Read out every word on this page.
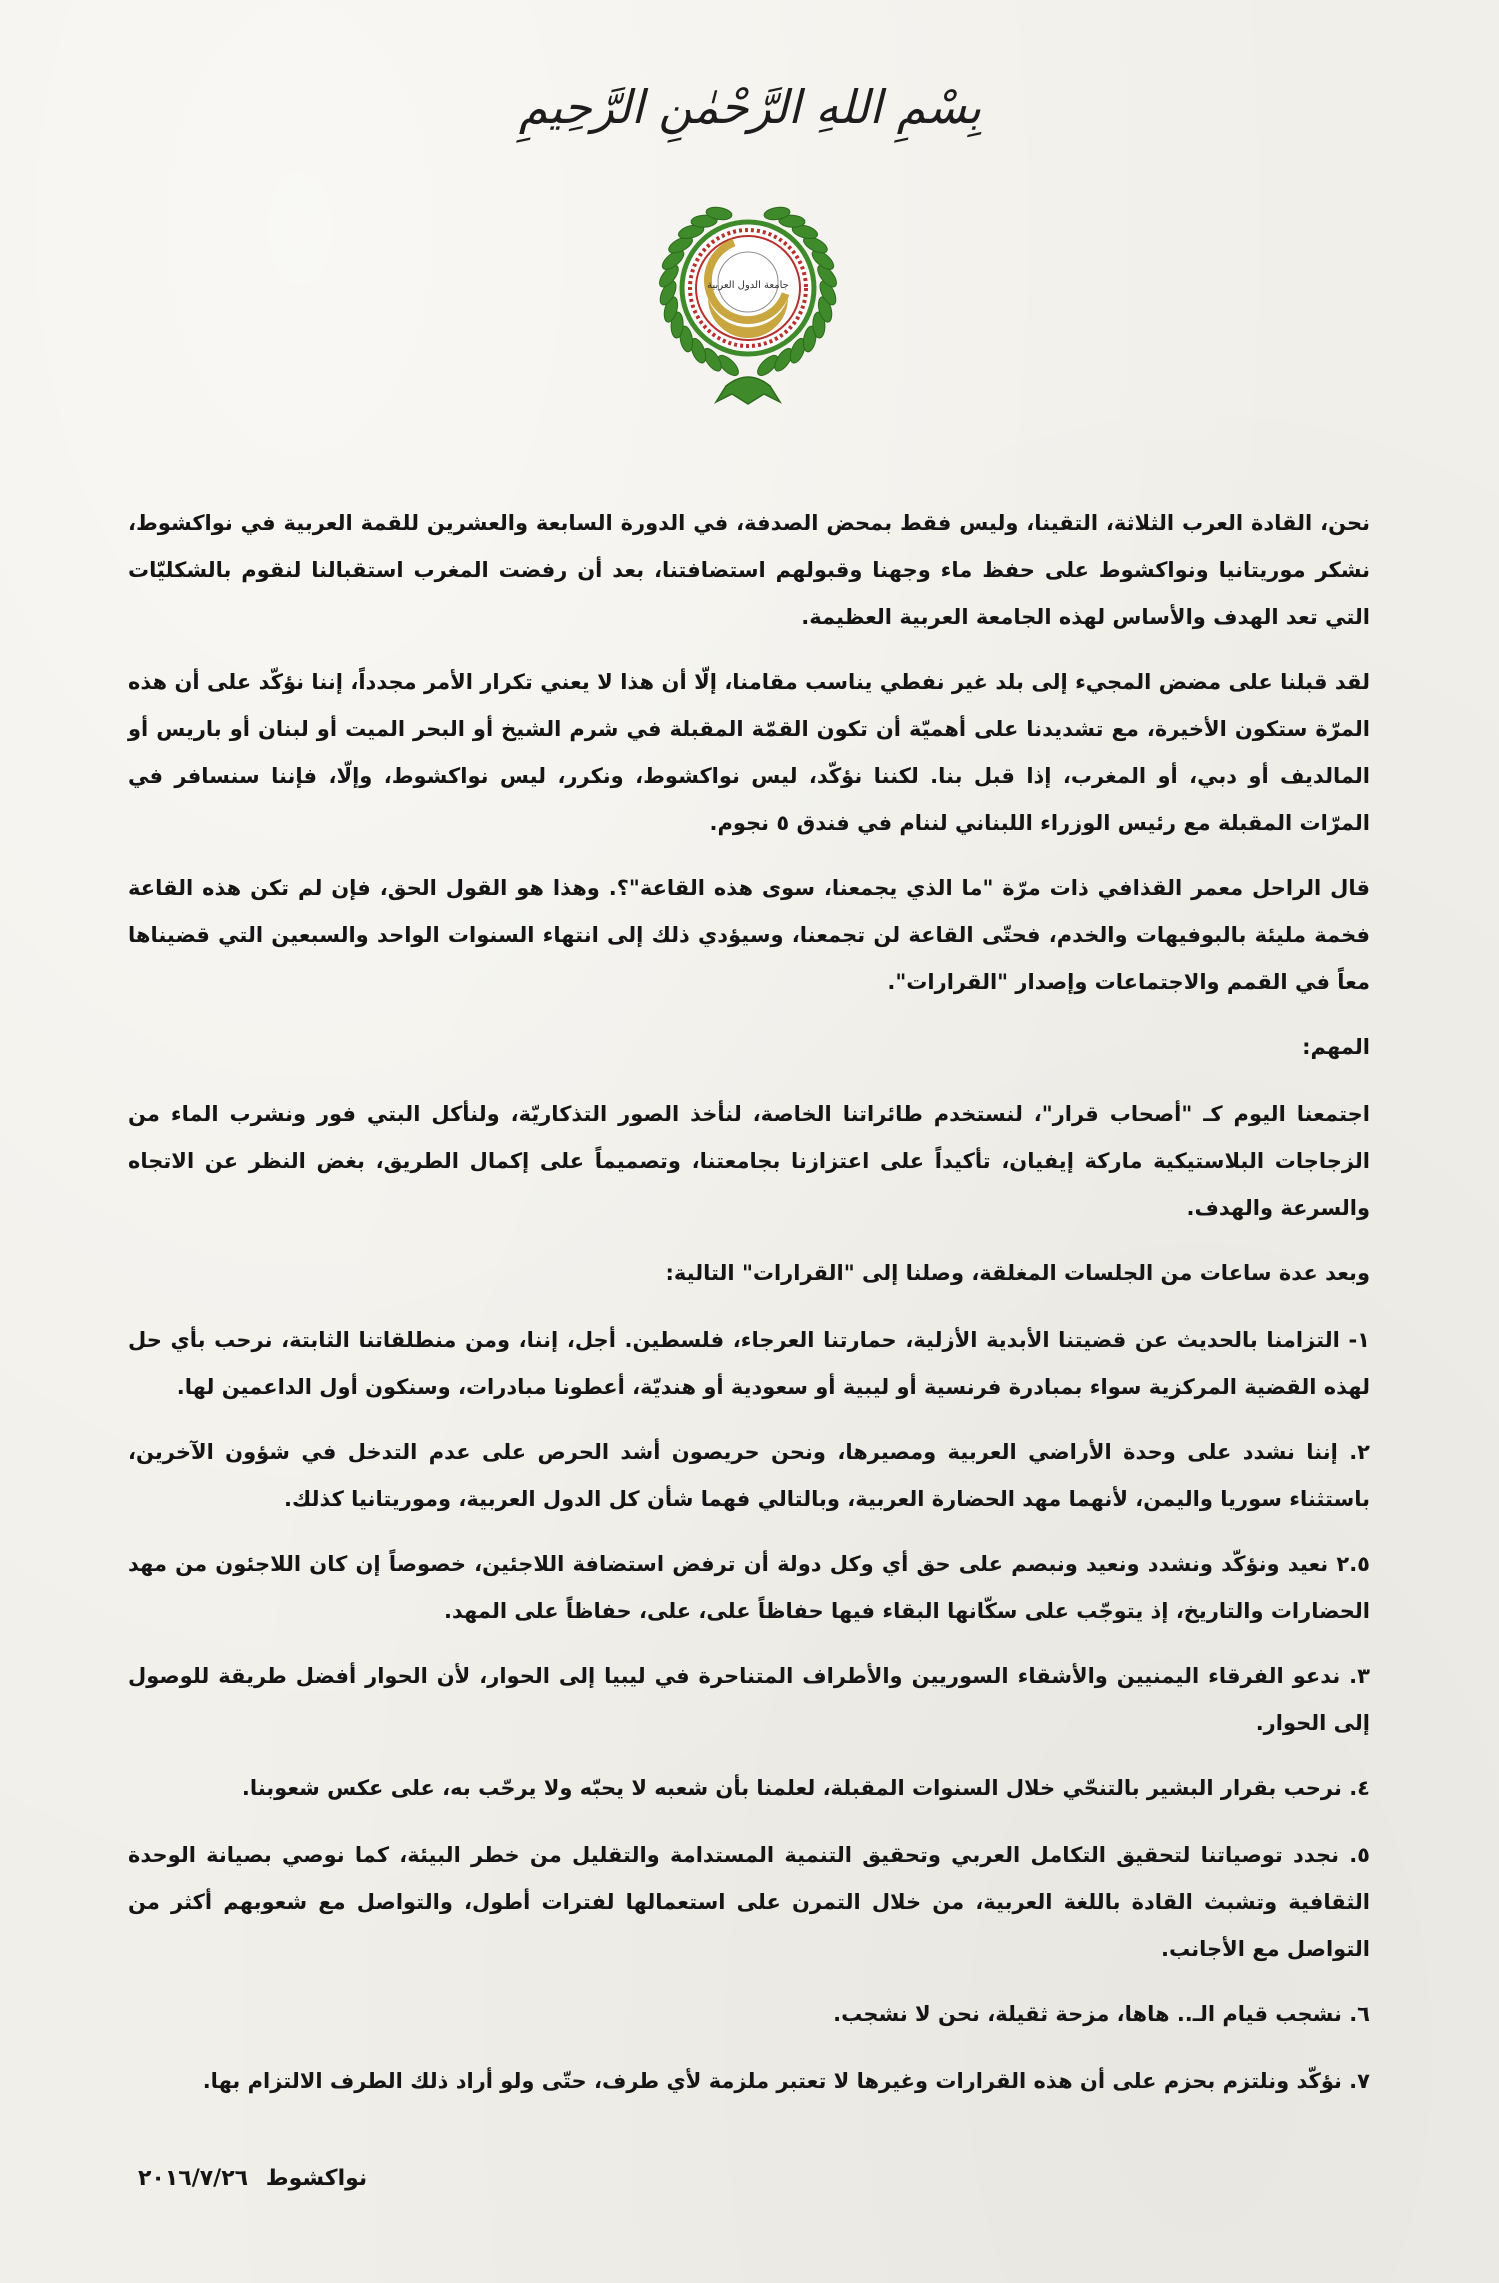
بِسْمِ اللهِ الرَّحْمٰنِ الرَّحِيمِ
جامعة الدول العربية

نحن، القادة العرب الثلاثة، التقينا، وليس فقط بمحض الصدفة، في الدورة السابعة والعشرين للقمة العربية في نواكشوط، نشكر موريتانيا ونواكشوط على حفظ ماء وجهنا وقبولهم استضافتنا، بعد أن رفضت المغرب استقبالنا لنقوم بالشكليّات التي تعد الهدف والأساس لهذه الجامعة العربية العظيمة.

لقد قبلنا على مضض المجيء إلى بلد غير نفطي يناسب مقامنا، إلّا أن هذا لا يعني تكرار الأمر مجدداً، إننا نؤكّد على أن هذه المرّة ستكون الأخيرة، مع تشديدنا على أهميّة أن تكون القمّة المقبلة في شرم الشيخ أو البحر الميت أو لبنان أو باريس أو المالديف أو دبي، أو المغرب، إذا قبل بنا. لكننا نؤكّد، ليس نواكشوط، ونكرر، ليس نواكشوط، وإلّا، فإننا سنسافر في المرّات المقبلة مع رئيس الوزراء اللبناني لننام في فندق ٥ نجوم.

قال الراحل معمر القذافي ذات مرّة "ما الذي يجمعنا، سوى هذه القاعة"؟. وهذا هو القول الحق، فإن لم تكن هذه القاعة فخمة مليئة بالبوفيهات والخدم، فحتّى القاعة لن تجمعنا، وسيؤدي ذلك إلى انتهاء السنوات الواحد والسبعين التي قضيناها معاً في القمم والاجتماعات وإصدار "القرارات".

المهم:

اجتمعنا اليوم كـ "أصحاب قرار"، لنستخدم طائراتنا الخاصة، لنأخذ الصور التذكاريّة، ولنأكل البتي فور ونشرب الماء من الزجاجات البلاستيكية ماركة إيفيان، تأكيداً على اعتزازنا بجامعتنا، وتصميماً على إكمال الطريق، بغض النظر عن الاتجاه والسرعة والهدف.

وبعد عدة ساعات من الجلسات المغلقة، وصلنا إلى "القرارات" التالية:

١- التزامنا بالحديث عن قضيتنا الأبدية الأزلية، حمارتنا العرجاء، فلسطين. أجل، إننا، ومن منطلقاتنا الثابتة، نرحب بأي حل لهذه القضية المركزية سواء بمبادرة فرنسية أو ليبية أو سعودية أو هنديّة، أعطونا مبادرات، وسنكون أول الداعمين لها.

٢. إننا نشدد على وحدة الأراضي العربية ومصيرها، ونحن حريصون أشد الحرص على عدم التدخل في شؤون الآخرين، باستثناء سوريا واليمن، لأنهما مهد الحضارة العربية، وبالتالي فهما شأن كل الدول العربية، وموريتانيا كذلك.

٢.٥ نعيد ونؤكّد ونشدد ونعيد ونبصم على حق أي وكل دولة أن ترفض استضافة اللاجئين، خصوصاً إن كان اللاجئون من مهد الحضارات والتاريخ، إذ يتوجّب على سكّانها البقاء فيها حفاظاً على، على، حفاظاً على المهد.

٣. ندعو الفرقاء اليمنيين والأشقاء السوريين والأطراف المتناحرة في ليبيا إلى الحوار، لأن الحوار أفضل طريقة للوصول إلى الحوار.

٤. نرحب بقرار البشير بالتنحّي خلال السنوات المقبلة، لعلمنا بأن شعبه لا يحبّه ولا يرحّب به، على عكس شعوبنا.

٥. نجدد توصياتنا لتحقيق التكامل العربي وتحقيق التنمية المستدامة والتقليل من خطر البيئة، كما نوصي بصيانة الوحدة الثقافية وتشبث القادة باللغة العربية، من خلال التمرن على استعمالها لفترات أطول، والتواصل مع شعوبهم أكثر من التواصل مع الأجانب.

٦. نشجب قيام الـ.. هاها، مزحة ثقيلة، نحن لا نشجب.

٧. نؤكّد ونلتزم بحزم على أن هذه القرارات وغيرها لا تعتبر ملزمة لأي طرف، حتّى ولو أراد ذلك الطرف الالتزام بها.

نواكشوط ٢٠١٦/٧/٢٦
